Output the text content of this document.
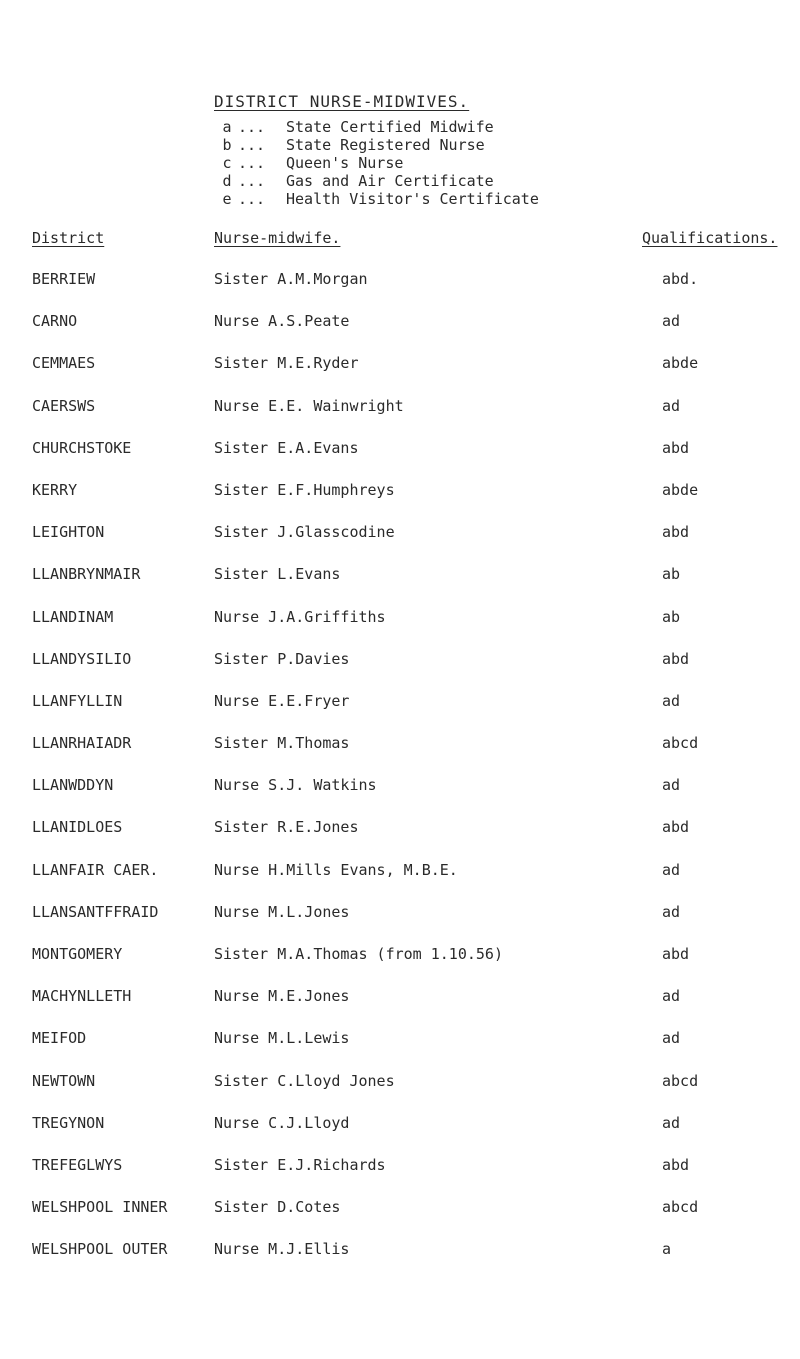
DISTRICT NURSE-MIDWIVES.
a ... State Certified Midwife
b ... State Registered Nurse
c ... Queen's Nurse
d ... Gas and Air Certificate
e ... Health Visitor's Certificate
District	Nurse-midwife.	Qualifications.
BERRIEW	Sister A.M.Morgan	abd.
CARNO	Nurse A.S.Peate	ad
CEMMAES	Sister M.E.Ryder	abde
CAERSWS	Nurse E.E. Wainwright	ad
CHURCHSTOKE	Sister E.A.Evans	abd
KERRY	Sister E.F.Humphreys	abde
LEIGHTON	Sister J.Glasscodine	abd
LLANBRYNMAIR	Sister L.Evans	ab
LLANDINAM	Nurse J.A.Griffiths	ab
LLANDYSILIO	Sister P.Davies	abd
LLANFYLLIN	Nurse E.E.Fryer	ad
LLANRHAIADR	Sister M.Thomas	abcd
LLANWDDYN	Nurse S.J. Watkins	ad
LLANIDLOES	Sister R.E.Jones	abd
LLANFAIR CAER.	Nurse H.Mills Evans, M.B.E.	ad
LLANSANTFFRAID	Nurse M.L.Jones	ad
MONTGOMERY	Sister M.A.Thomas (from 1.10.56)	abd
MACHYNLLETH	Nurse M.E.Jones	ad
MEIFOD	Nurse M.L.Lewis	ad
NEWTOWN	Sister C.Lloyd Jones	abcd
TREGYNON	Nurse C.J.Lloyd	ad
TREFEGLWYS	Sister E.J.Richards	abd
WELSHPOOL INNER	Sister D.Cotes	abcd
WELSHPOOL OUTER	Nurse M.J.Ellis	a
